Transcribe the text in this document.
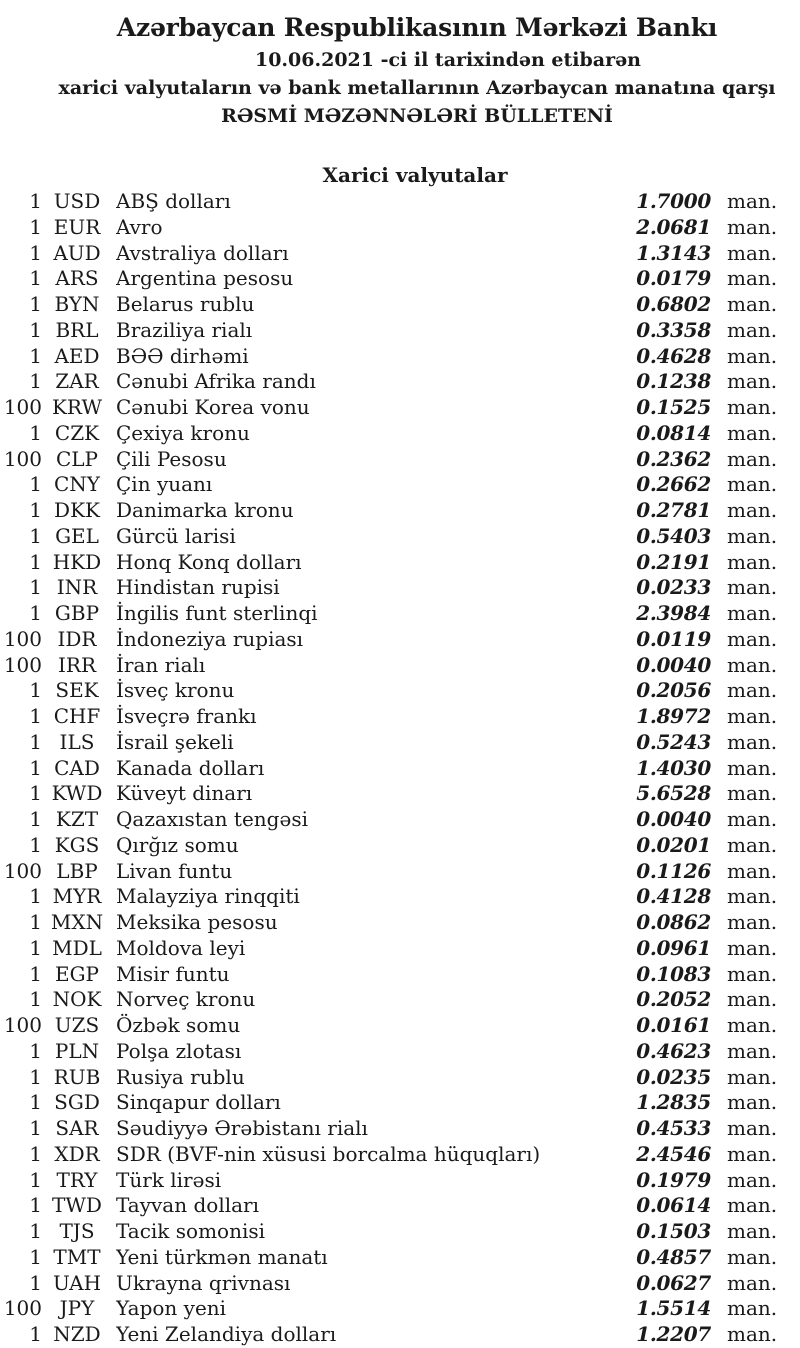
Azərbaycan Respublikasının Mərkəzi Bankı
10.06.2021 -ci il tarixindən etibarən
xarici valyutaların və bank metallarının Azərbaycan manatına qarşı
RƏSMİ MƏZƏNNƏLƏRİ BÜLLETENİ
Xarici valyutalar
1 USD ABŞ dolları	1.7000 man.
1 EUR Avro	2.0681 man.
1 AUD Avstraliya dolları	1.3143 man.
1 ARS Argentina pesosu	0.0179 man.
1 BYN Belarus rublu	0.6802 man.
1 BRL Braziliya rialı	0.3358 man.
1 AED BƏƏ dirhəmi	0.4628 man.
1 ZAR Cənubi Afrika randı	0.1238 man.
100 KRW Cənubi Korea vonu	0.1525 man.
1 CZK Çexiya kronu	0.0814 man.
100 CLP Çili Pesosu	0.2362 man.
1 CNY Çin yuanı	0.2662 man.
1 DKK Danimarka kronu	0.2781 man.
1 GEL Gürcü larisi	0.5403 man.
1 HKD Honq Konq dolları	0.2191 man.
1 INR Hindistan rupisi	0.0233 man.
1 GBP İngilis funt sterlinqi	2.3984 man.
100 IDR İndoneziya rupiası	0.0119 man.
100 IRR İran rialı	0.0040 man.
1 SEK İsveç kronu	0.2056 man.
1 CHF İsveçrə frankı	1.8972 man.
1 ILS	İsrail şekeli	0.5243 man.
1 CAD Kanada dolları	1.4030 man.
1 KWD Küveyt dinarı	5.6528 man.
1 KZT Qazaxıstan tengəsi	0.0040 man.
1 KGS Qırğız somu	0.0201 man.
100 LBP Livan funtu	0.1126 man.
1 MYR Malayziya rinqqiti	0.4128 man.
1 MXN Meksika pesosu	0.0862 man.
1 MDL Moldova leyi	0.0961 man.
1 EGP Misir funtu	0.1083 man.
1 NOK Norveç kronu	0.2052 man.
100 UZS Özbək somu	0.0161 man.
1 PLN Polşa zlotası	0.4623 man.
1 RUB Rusiya rublu	0.0235 man.
1 SGD Sinqapur dolları	1.2835 man.
1 SAR Səudiyyə Ərəbistanı rialı	0.4533 man.
1 XDR SDR (BVF-nin xüsusi borcalma hüquqları)	2.4546 man.
1 TRY Türk lirəsi	0.1979 man.
1 TWD Tayvan dolları	0.0614 man.
1 TJS	Tacik somonisi	0.1503 man.
1 TMT Yeni türkmən manatı	0.4857 man.
1 UAH Ukrayna qrivnası	0.0627 man.
100 JPY	Yapon yeni	1.5514 man.
1 NZD Yeni Zelandiya dolları	1.2207 man.
